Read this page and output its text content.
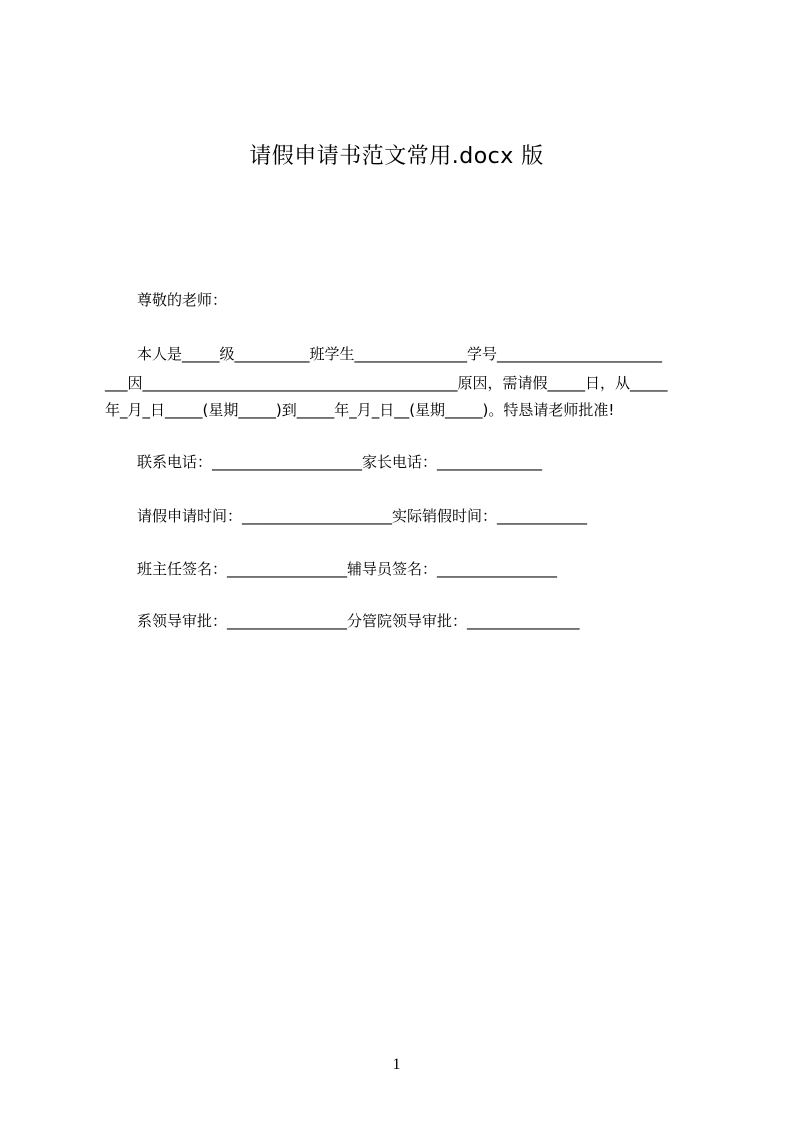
请假申请书范文常用.docx 版
尊敬的老师：
本人是_____级__________班学生_______________学号______________________
___因__________________________________________原因，需请假_____日，从_____
年_月_日_____(星期_____)到_____年_月_日__(星期_____)。特恳请老师批准!
联系电话：____________________家长电话：______________
请假申请时间：____________________实际销假时间：____________
班主任签名：________________辅导员签名：________________
系领导审批：________________分管院领导审批：_______________
1
